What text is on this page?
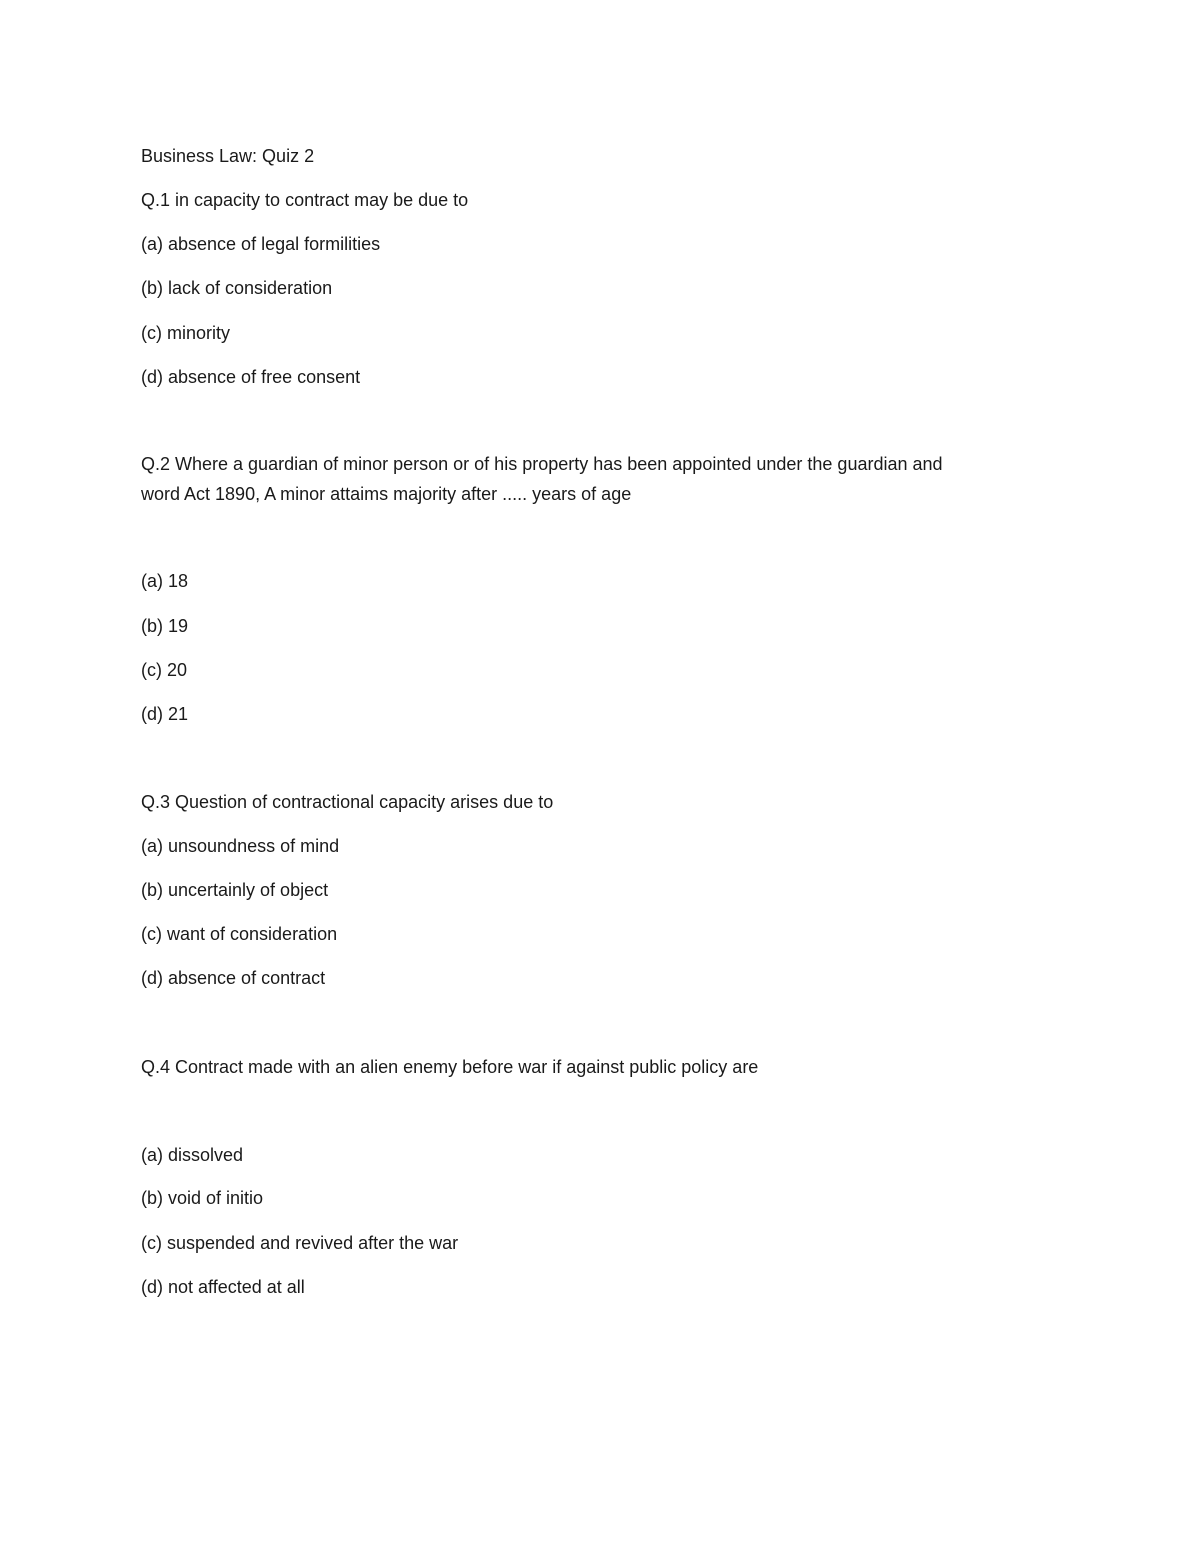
Business Law: Quiz 2

Q.1 in capacity to contract may be due to

(a) absence of legal formilities

(b) lack of consideration

(c) minority

(d) absence of free consent

Q.2 Where a guardian of minor person or of his property has been appointed under the guardian and

word Act 1890, A minor attaims majority after ..... years of age

(a) 18

(b) 19

(c) 20

(d) 21

Q.3 Question of contractional capacity arises due to

(a) unsoundness of mind

(b) uncertainly of object

(c) want of consideration

(d) absence of contract

Q.4 Contract made with an alien enemy before war if against public policy are

(a) dissolved

(b) void of initio

(c) suspended and revived after the war

(d) not affected at all
